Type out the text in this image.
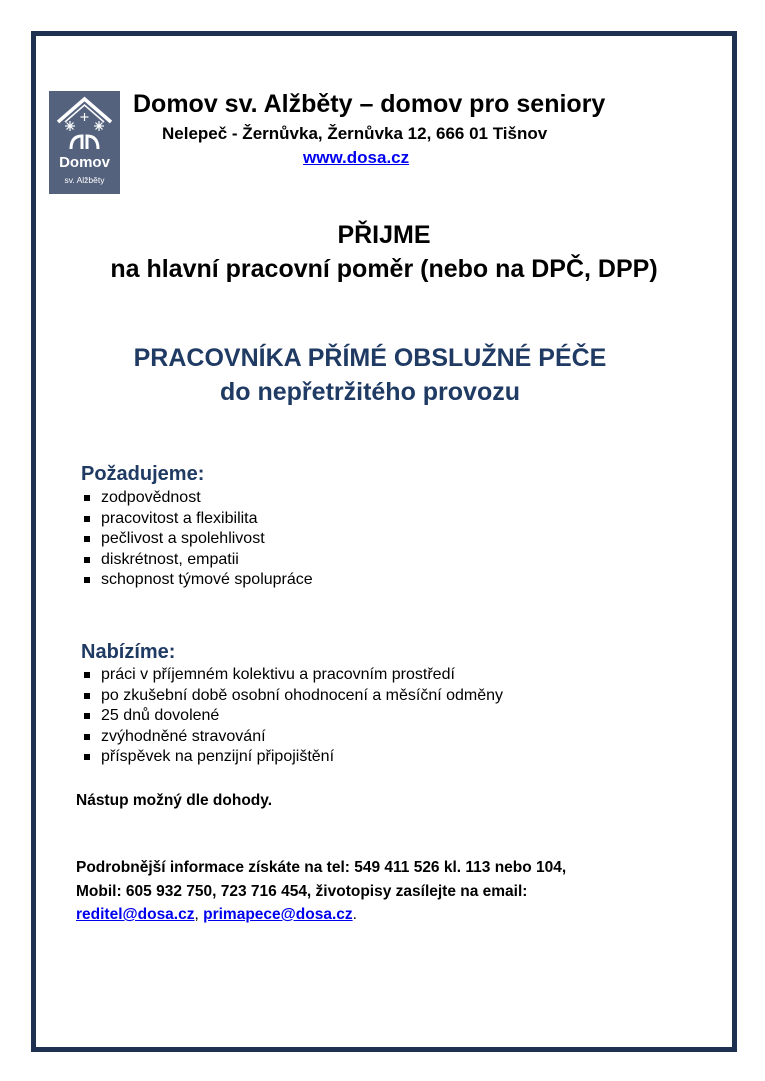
Domov
sv. Alžběty
Domov sv. Alžběty – domov pro seniory
Nelepeč - Žernůvka, Žernůvka 12, 666 01 Tišnov
www.dosa.cz
PŘIJME
na hlavní pracovní poměr (nebo na DPČ, DPP)
PRACOVNÍKA PŘÍMÉ OBSLUŽNÉ PÉČE
do nepřetržitého provozu
Požadujeme:
zodpovědnost
pracovitost a flexibilita
pečlivost a spolehlivost
diskrétnost, empatii
schopnost týmové spolupráce
Nabízíme:
práci v příjemném kolektivu a pracovním prostředí
po zkušební době osobní ohodnocení a měsíční odměny
25 dnů dovolené
zvýhodněné stravování
příspěvek na penzijní připojištění
Nástup možný dle dohody.
Podrobnější informace získáte na tel: 549 411 526 kl. 113 nebo 104,
Mobil: 605 932 750, 723 716 454, životopisy zasílejte na email:
reditel@dosa.cz, primapece@dosa.cz.
